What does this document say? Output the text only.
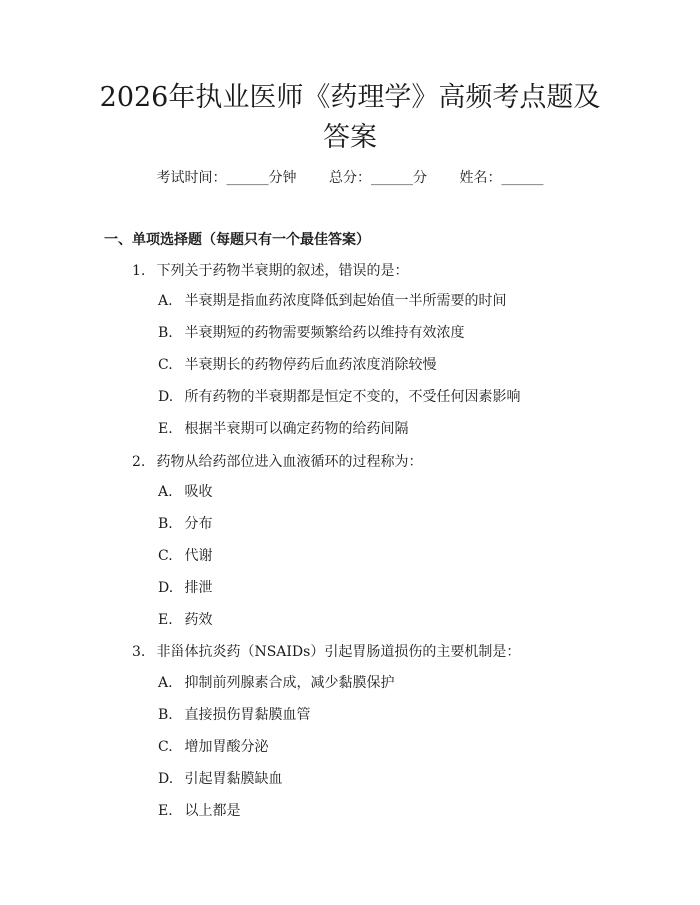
2026年执业医师《药理学》高频考点题及答案
考试时间：______分钟 总分：______分 姓名：______
一、单项选择题（每题只有一个最佳答案）
1. 下列关于药物半衰期的叙述，错误的是：
A. 半衰期是指血药浓度降低到起始值一半所需要的时间
B. 半衰期短的药物需要频繁给药以维持有效浓度
C. 半衰期长的药物停药后血药浓度消除较慢
D. 所有药物的半衰期都是恒定不变的，不受任何因素影响
E. 根据半衰期可以确定药物的给药间隔
2. 药物从给药部位进入血液循环的过程称为：
A. 吸收
B. 分布
C. 代谢
D. 排泄
E. 药效
3. 非甾体抗炎药（NSAIDs）引起胃肠道损伤的主要机制是：
A. 抑制前列腺素合成，减少黏膜保护
B. 直接损伤胃黏膜血管
C. 增加胃酸分泌
D. 引起胃黏膜缺血
E. 以上都是
